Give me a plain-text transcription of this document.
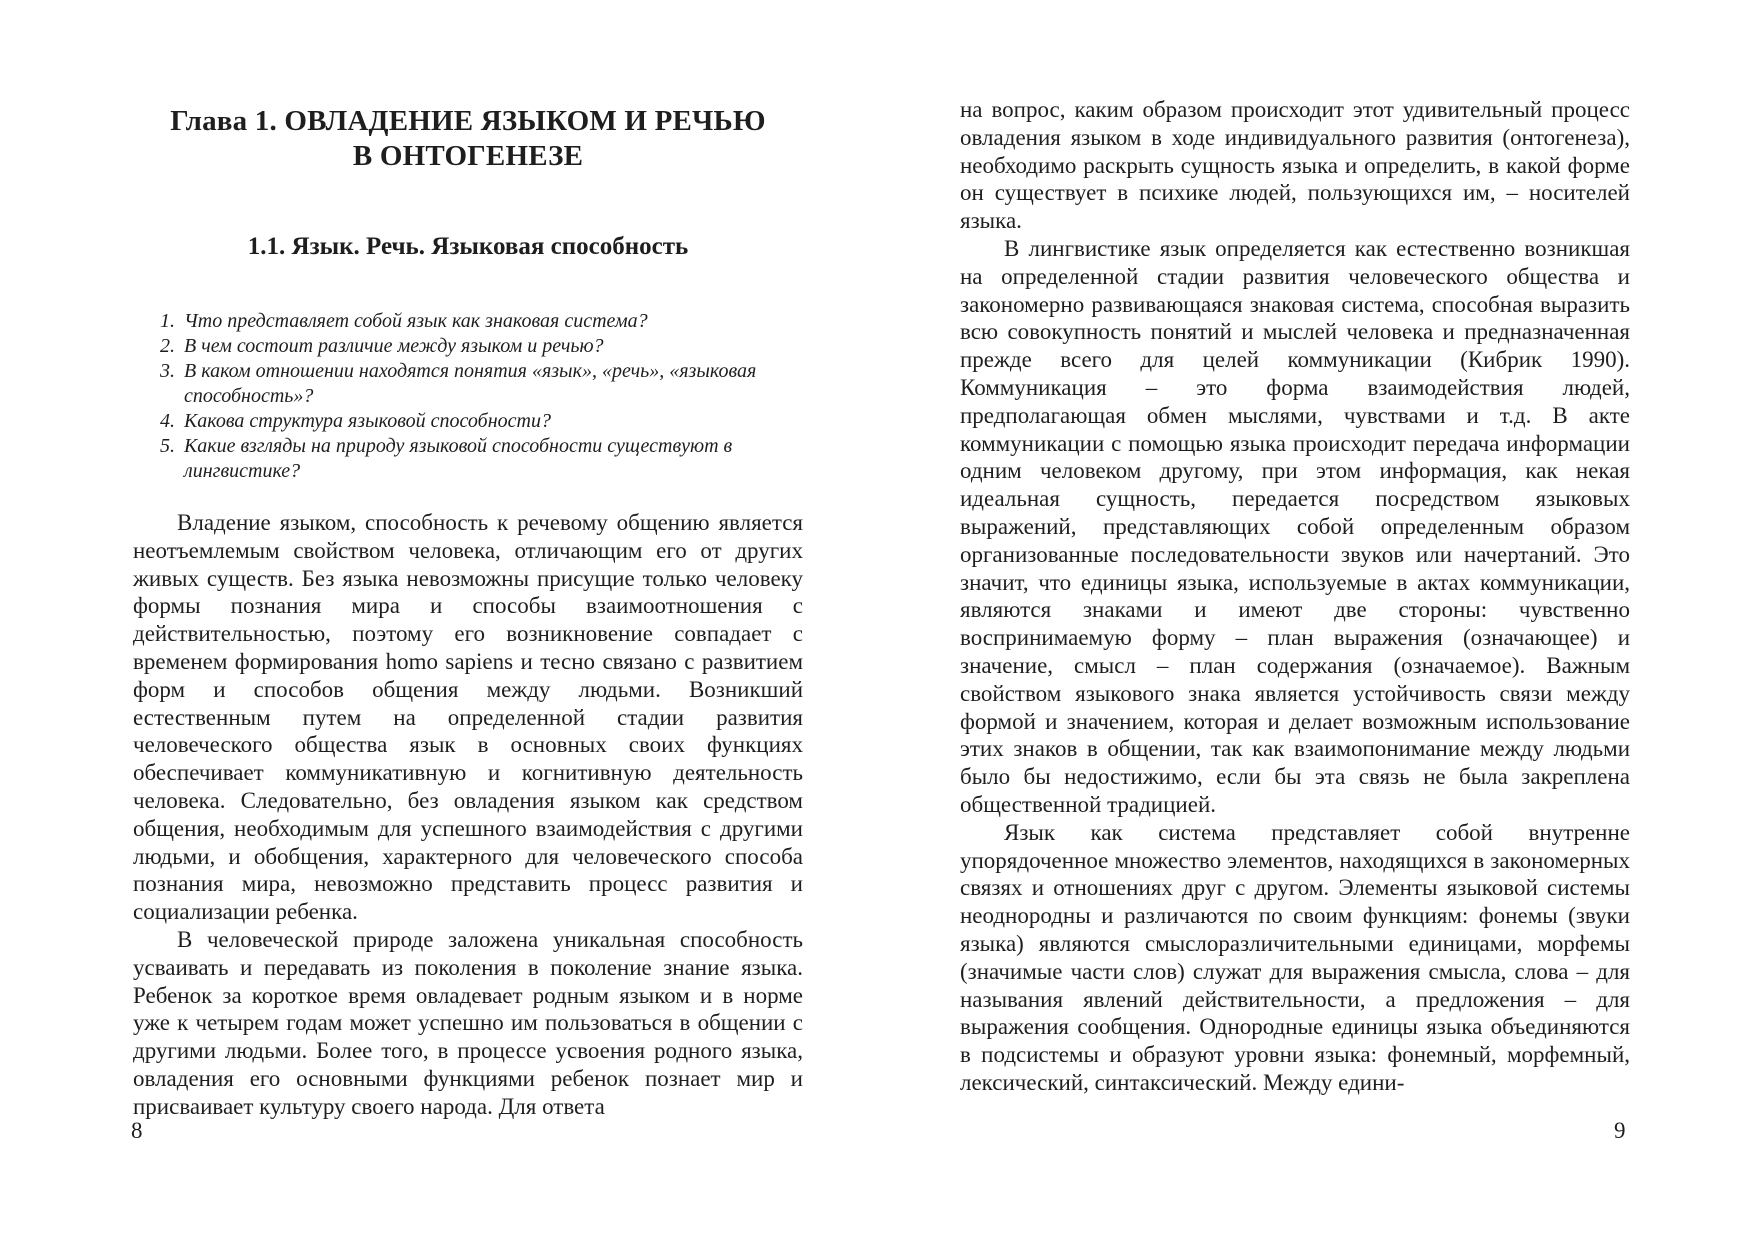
Глава 1. ОВЛАДЕНИЕ ЯЗЫКОМ И РЕЧЬЮ
В ОНТОГЕНЕЗЕ
1.1. Язык. Речь. Языковая способность
1. Что представляет собой язык как знаковая система?
2. В чем состоит различие между языком и речью?
3. В каком отношении находятся понятия «язык», «речь», «языковая способность»?
4. Какова структура языковой способности?
5. Какие взгляды на природу языковой способности существуют в лингвистике?

Владение языком, способность к речевому общению является неотъемлемым свойством человека, отличающим его от других живых существ. Без языка невозможны присущие только человеку формы познания мира и способы взаимоотношения с действительностью, поэтому его возникновение совпадает с временем формирования homo sapiens и тесно связано с развитием форм и способов общения между людьми. Возникший естественным путем на определенной стадии развития человеческого общества язык в основных своих функциях обеспечивает коммуникативную и когнитивную деятельность человека. Следовательно, без овладения языком как средством общения, необходимым для успешного взаимодействия с другими людьми, и обобщения, характерного для человеческого способа познания мира, невозможно представить процесс развития и социализации ребенка.

В человеческой природе заложена уникальная способность усваивать и передавать из поколения в поколение знание языка. Ребенок за короткое время овладевает родным языком и в норме уже к четырем годам может успешно им пользоваться в общении с другими людьми. Более того, в процессе усвоения родного языка, овладения его основными функциями ребенок познает мир и присваивает культуру своего народа. Для ответа

8

на вопрос, каким образом происходит этот удивительный процесс овладения языком в ходе индивидуального развития (онтогенеза), необходимо раскрыть сущность языка и определить, в какой форме он существует в психике людей, пользующихся им, – носителей языка.

В лингвистике язык определяется как естественно возникшая на определенной стадии развития человеческого общества и закономерно развивающаяся знаковая система, способная выразить всю совокупность понятий и мыслей человека и предназначенная прежде всего для целей коммуникации (Кибрик 1990). Коммуникация – это форма взаимодействия людей, предполагающая обмен мыслями, чувствами и т.д. В акте коммуникации с помощью языка происходит передача информации одним человеком другому, при этом информация, как некая идеальная сущность, передается посредством языковых выражений, представляющих собой определенным образом организованные последовательности звуков или начертаний. Это значит, что единицы языка, используемые в актах коммуникации, являются знаками и имеют две стороны: чувственно воспринимаемую форму – план выражения (означающее) и значение, смысл – план содержания (означаемое). Важным свойством языкового знака является устойчивость связи между формой и значением, которая и делает возможным использование этих знаков в общении, так как взаимопонимание между людьми было бы недостижимо, если бы эта связь не была закреплена общественной традицией.

Язык как система представляет собой внутренне упорядоченное множество элементов, находящихся в закономерных связях и отношениях друг с другом. Элементы языковой системы неоднородны и различаются по своим функциям: фонемы (звуки языка) являются смыслоразличительными единицами, морфемы (значимые части слов) служат для выражения смысла, слова – для называния явлений действительности, а предложения – для выражения сообщения. Однородные единицы языка объединяются в подсистемы и образуют уровни языка: фонемный, морфемный, лексический, синтаксический. Между едини-

9
